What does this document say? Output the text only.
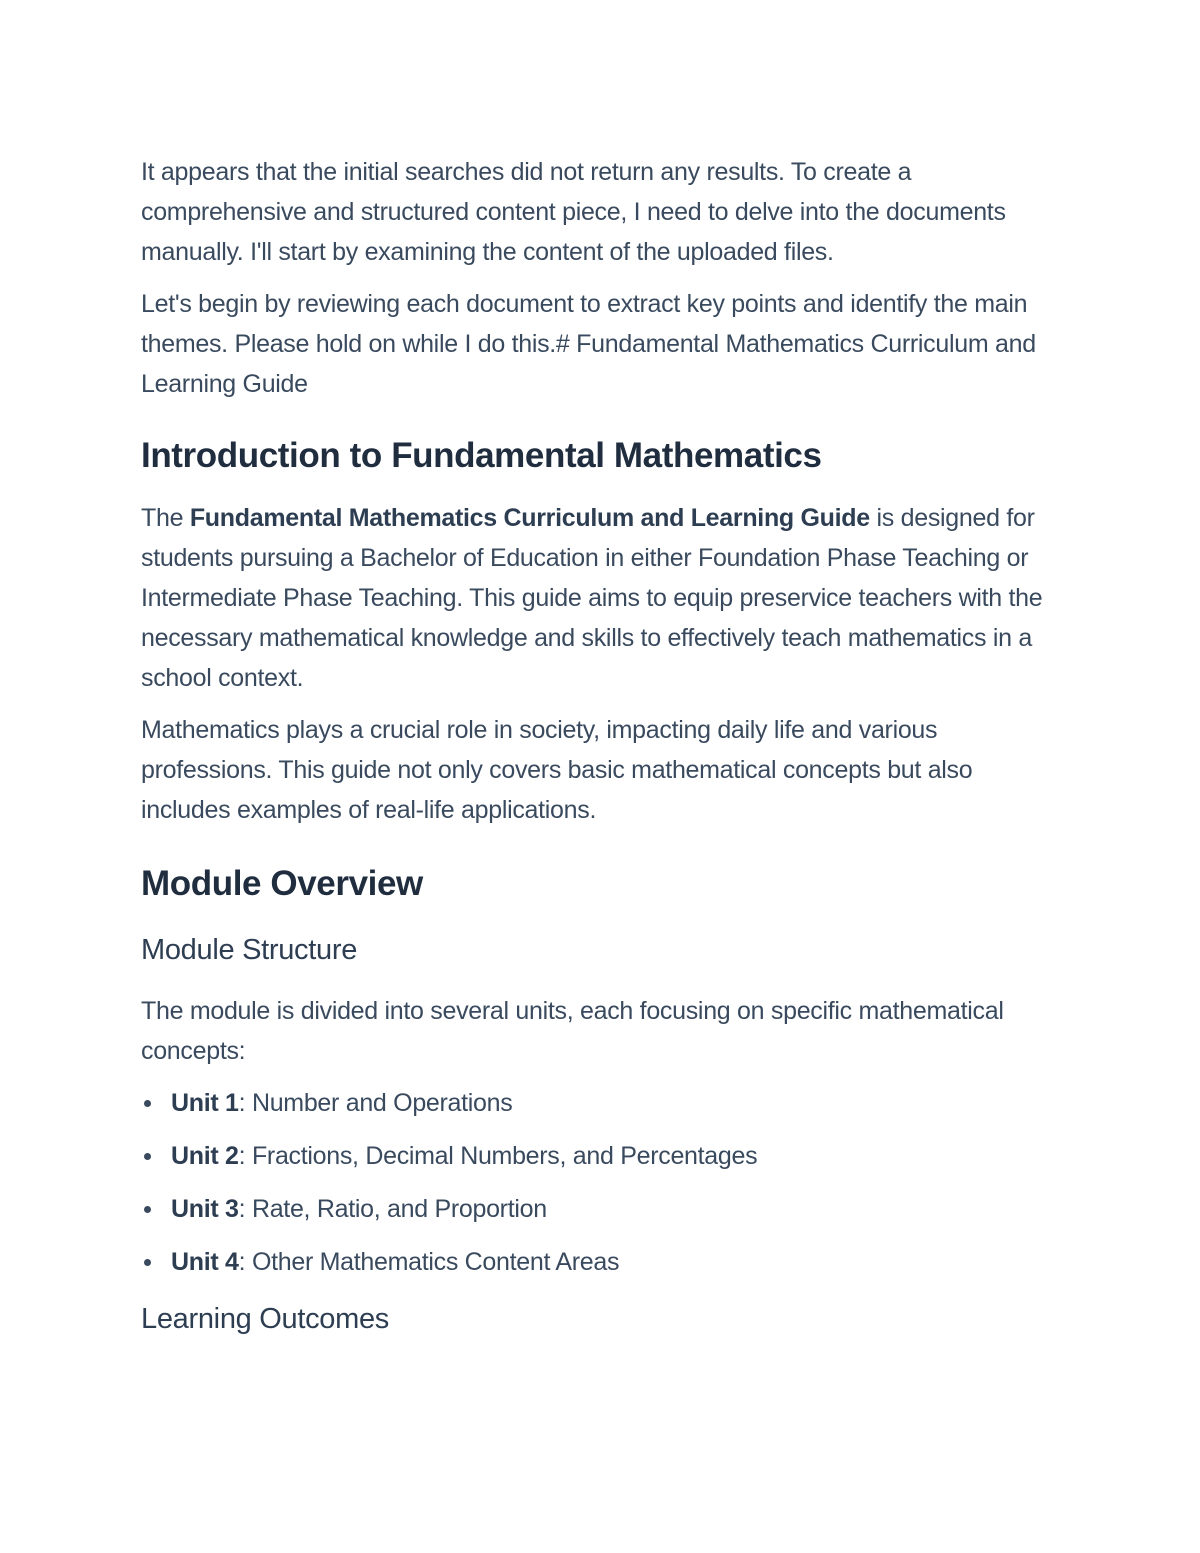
It appears that the initial searches did not return any results. To create a comprehensive and structured content piece, I need to delve into the documents manually. I'll start by examining the content of the uploaded files.

Let's begin by reviewing each document to extract key points and identify the main themes. Please hold on while I do this.# Fundamental Mathematics Curriculum and Learning Guide

Introduction to Fundamental Mathematics

The Fundamental Mathematics Curriculum and Learning Guide is designed for students pursuing a Bachelor of Education in either Foundation Phase Teaching or Intermediate Phase Teaching. This guide aims to equip preservice teachers with the necessary mathematical knowledge and skills to effectively teach mathematics in a school context.

Mathematics plays a crucial role in society, impacting daily life and various professions. This guide not only covers basic mathematical concepts but also includes examples of real-life applications.

Module Overview
Module Structure

The module is divided into several units, each focusing on specific mathematical concepts:

Unit 1: Number and Operations
Unit 2: Fractions, Decimal Numbers, and Percentages
Unit 3: Rate, Ratio, and Proportion
Unit 4: Other Mathematics Content Areas
Learning Outcomes
